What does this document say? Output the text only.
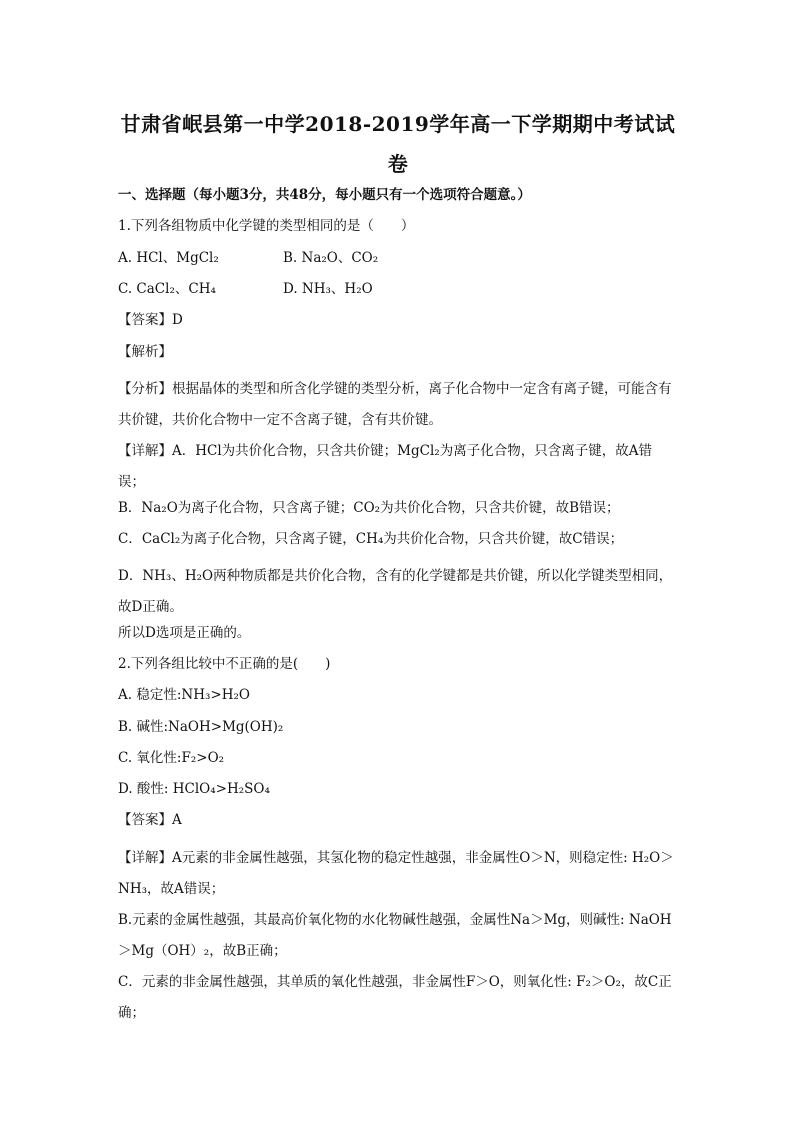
甘肃省岷县第一中学2018-2019学年高一下学期期中考试试卷
一、选择题（每小题3分，共48分，每小题只有一个选项符合题意。）
1.下列各组物质中化学键的类型相同的是（　　）
A. HCl、MgCl₂	B. Na₂O、CO₂
C. CaCl₂、CH₄	D. NH₃、H₂O
【答案】D
【解析】
【分析】根据晶体的类型和所含化学键的类型分析，离子化合物中一定含有离子键，可能含有共价键，共价化合物中一定不含离子键，含有共价键。
【详解】A．HCl为共价化合物，只含共价键；MgCl₂为离子化合物，只含离子键，故A错误；
B．Na₂O为离子化合物，只含离子键；CO₂为共价化合物，只含共价键，故B错误；
C．CaCl₂为离子化合物，只含离子键，CH₄为共价化合物，只含共价键，故C错误；
D．NH₃、H₂O两种物质都是共价化合物，含有的化学键都是共价键，所以化学键类型相同，故D正确。
所以D选项是正确的。
2.下列各组比较中不正确的是(　　)
A. 稳定性:NH₃>H₂O
B. 碱性:NaOH>Mg(OH)₂
C. 氧化性:F₂>O₂
D. 酸性: HClO₄>H₂SO₄
【答案】A
【详解】A元素的非金属性越强，其氢化物的稳定性越强，非金属性O＞N，则稳定性: H₂O＞NH₃，故A错误；
B.元素的金属性越强，其最高价氧化物的水化物碱性越强，金属性Na＞Mg，则碱性: NaOH＞Mg（OH）₂，故B正确；
C．元素的非金属性越强，其单质的氧化性越强，非金属性F＞O，则氧化性: F₂＞O₂，故C正确；
